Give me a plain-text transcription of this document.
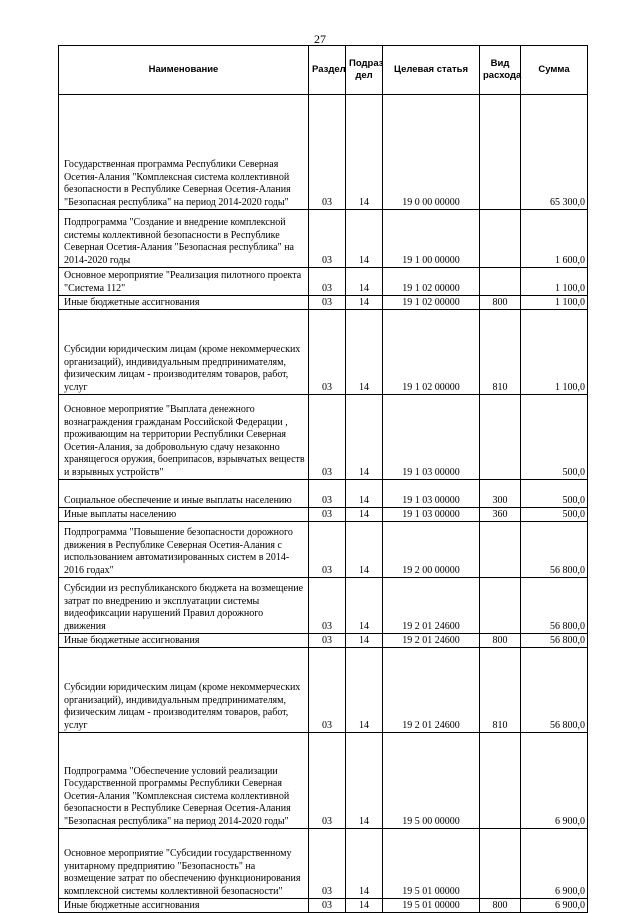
27
Наименование	Раздел	Подраз дел	Целевая статья	Вид расхода	Сумма
Государственная программа Республики Северная Осетия-Алания "Комплексная система коллективной безопасности в Республике Северная Осетия-Алания "Безопасная республика" на период 2014-2020 годы"	03	14	19 0 00 00000		65 300,0
Подпрограмма "Создание и внедрение комплексной системы коллективной безопасности в Республике Северная Осетия-Алания "Безопасная республика" на 2014-2020 годы	03	14	19 1 00 00000		1 600,0
Основное мероприятие "Реализация пилотного проекта "Система 112"	03	14	19 1 02 00000		1 100,0
Иные бюджетные ассигнования	03	14	19 1 02 00000	800	1 100,0
Субсидии юридическим лицам (кроме некоммерческих организаций), индивидуальным предпринимателям, физическим лицам - производителям товаров, работ, услуг	03	14	19 1 02 00000	810	1 100,0
Основное мероприятие "Выплата денежного вознаграждения гражданам Российской Федерации , проживающим на территории Республики Северная Осетия-Алания, за добровольную сдачу незаконно хранящегося оружия, боеприпасов, взрывчатых веществ и взрывных устройств"	03	14	19 1 03 00000		500,0
Социальное обеспечение и иные выплаты населению	03	14	19 1 03 00000	300	500,0
Иные выплаты населению	03	14	19 1 03 00000	360	500,0
Подпрограмма "Повышение безопасности дорожного движения в Республике Северная Осетия-Алания с использованием автоматизированных систем в 2014-2016 годах"	03	14	19 2 00 00000		56 800,0
Субсидии из республиканского бюджета на возмещение затрат по внедрению и эксплуатации системы видеофиксации нарушений Правил дорожного движения	03	14	19 2 01 24600		56 800,0
Иные бюджетные ассигнования	03	14	19 2 01 24600	800	56 800,0
Субсидии юридическим лицам (кроме некоммерческих организаций), индивидуальным предпринимателям, физическим лицам - производителям товаров, работ, услуг	03	14	19 2 01 24600	810	56 800,0
Подпрограмма "Обеспечение условий реализации Государственной программы Республики Северная Осетия-Алания "Комплексная система коллективной безопасности в Республике Северная Осетия-Алания "Безопасная республика" на период 2014-2020 годы"	03	14	19 5 00 00000		6 900,0
Основное мероприятие "Субсидии государственному унитарному предприятию "Безопасность" на возмещение затрат по обеспечению функционирования комплексной системы коллективной безопасности"	03	14	19 5 01 00000		6 900,0
Иные бюджетные ассигнования	03	14	19 5 01 00000	800	6 900,0
